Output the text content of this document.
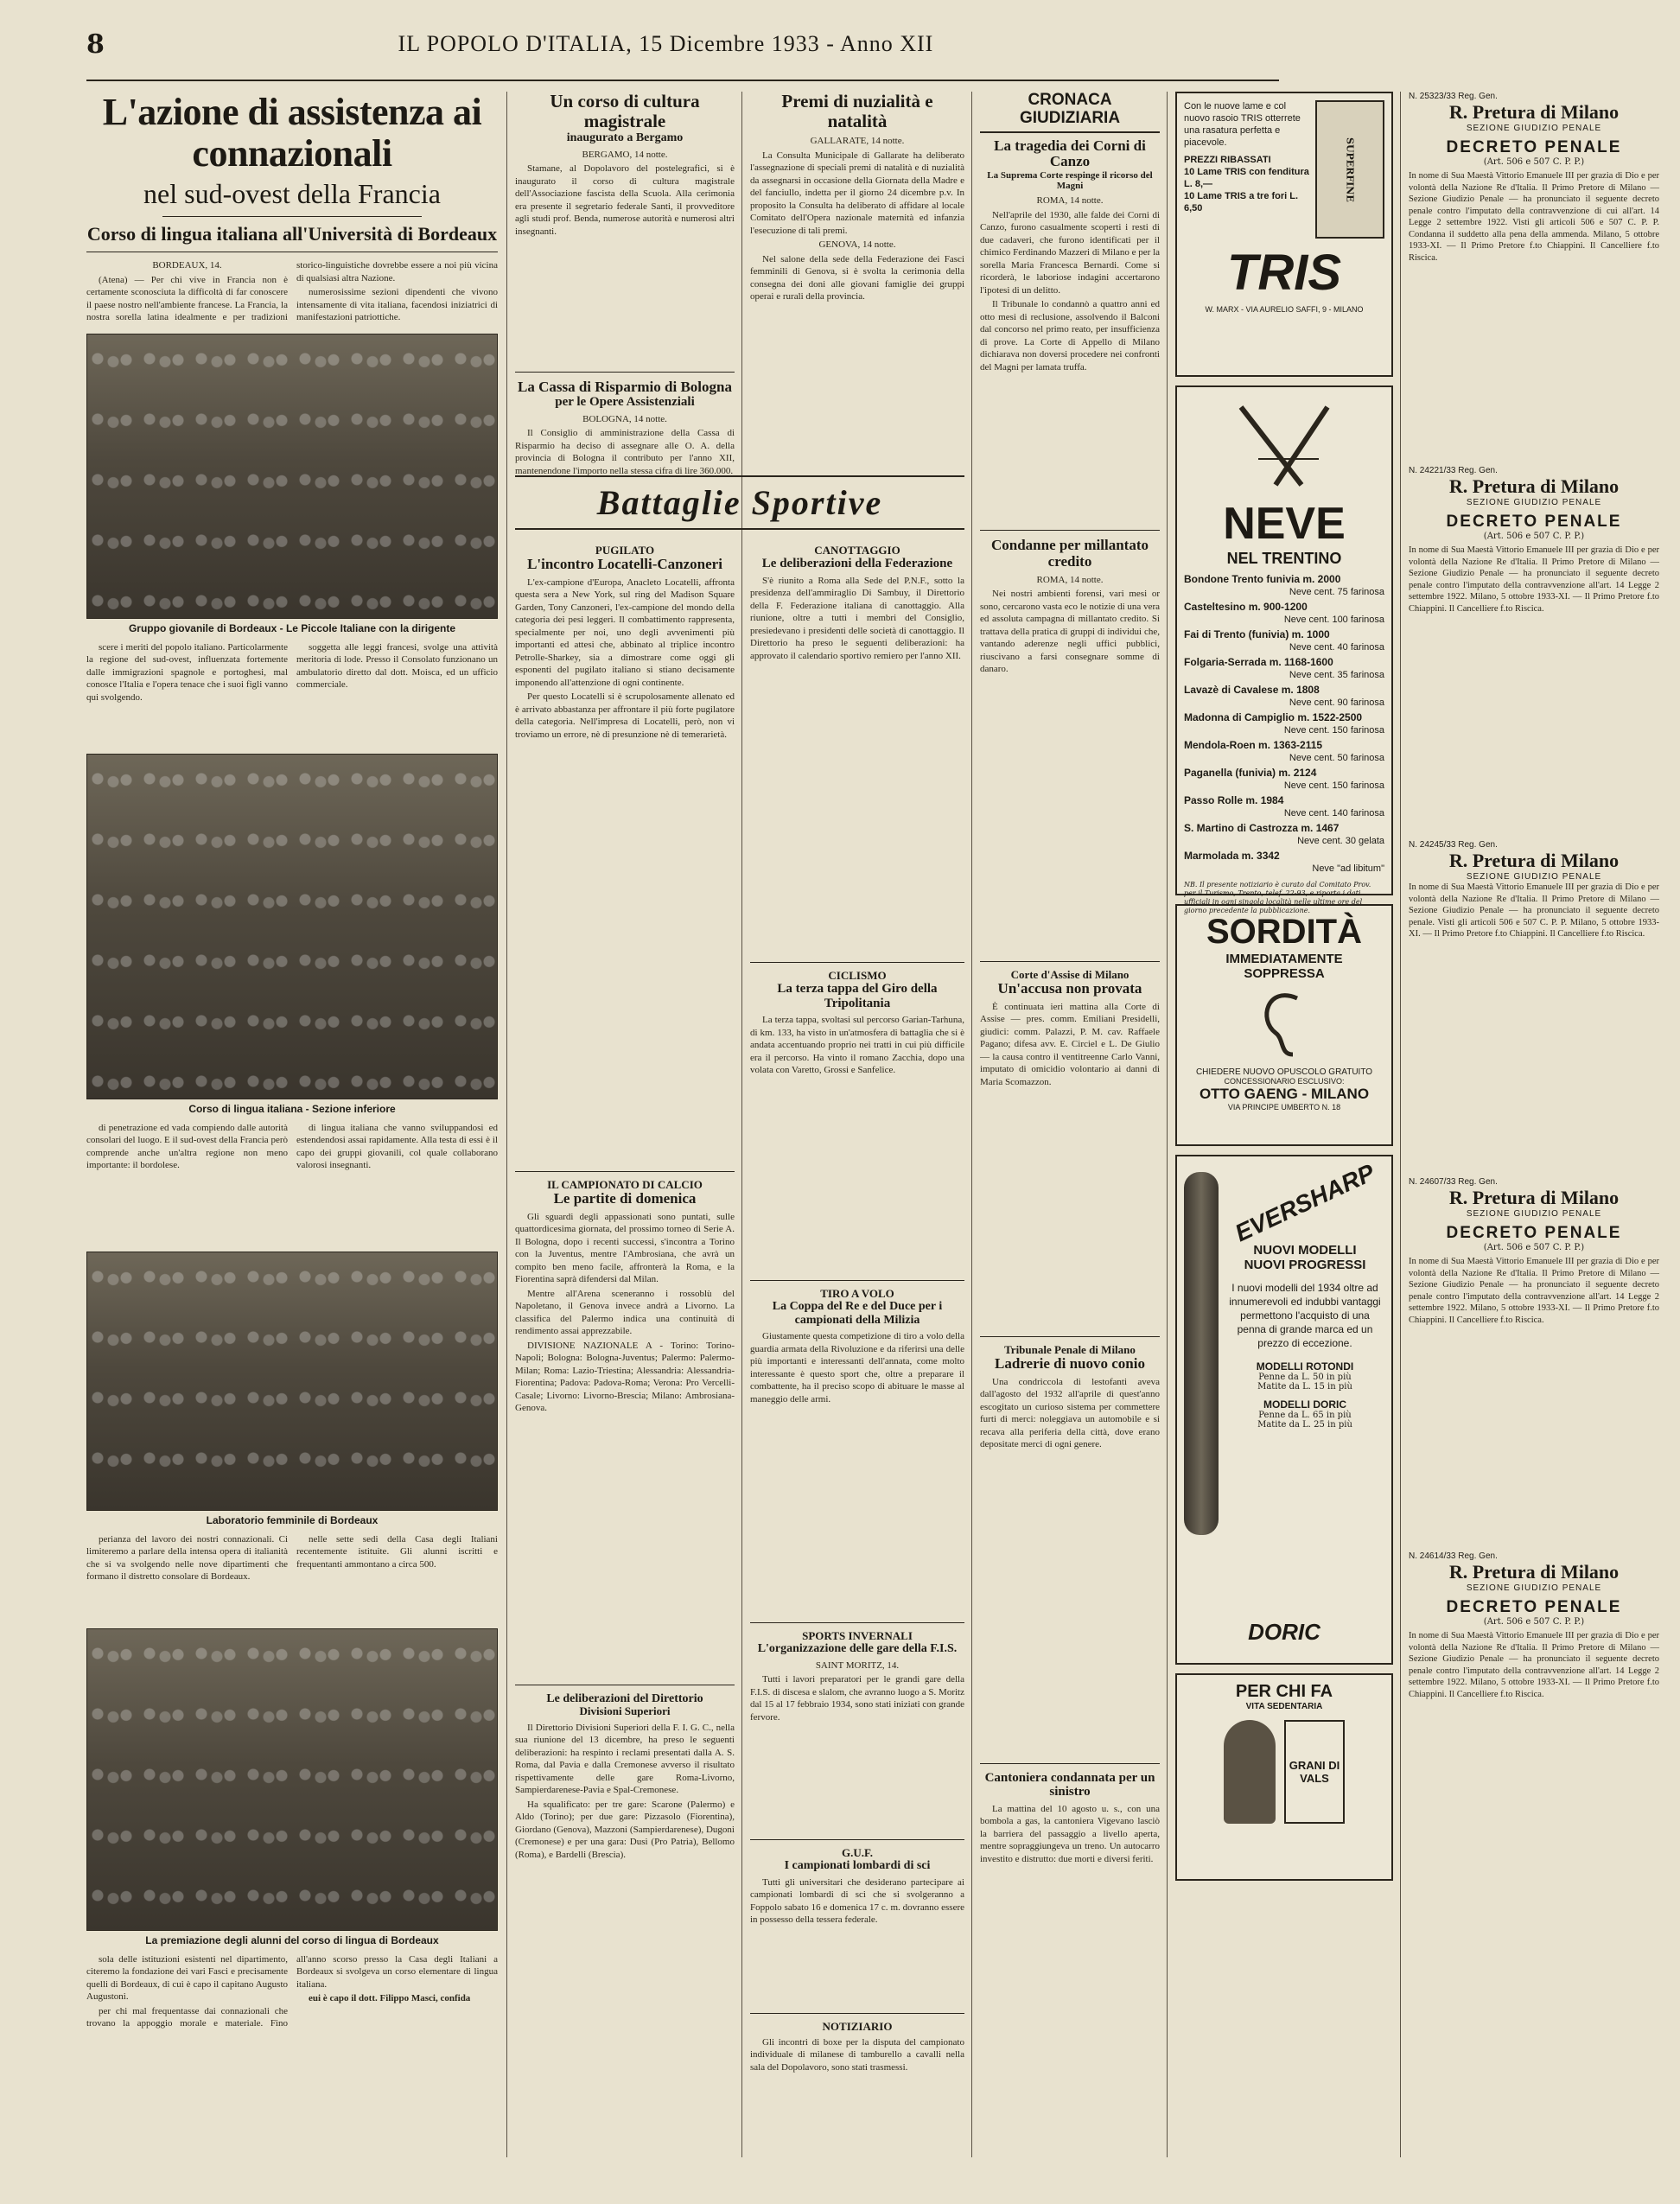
8	IL POPOLO D'ITALIA, 15 Dicembre 1933 - Anno XII
L'azione di assistenza ai connazionali
nel sud-ovest della Francia
Corso di lingua italiana all'Università di Bordeaux

BORDEAUX, 14.

(Atena) — Per chi vive in Francia non è certamente sconosciuta la difficoltà di far conoscere il paese nostro nell'ambiente francese. La Francia, la nostra sorella latina idealmente e per tradizioni storico-linguistiche dovrebbe essere a noi più vicina di qualsiasi altra Nazione.

numerosissime sezioni dipendenti che vivono intensamente di vita italiana, facendosi iniziatrici di manifestazioni patriottiche.

Gruppo giovanile di Bordeaux - Le Piccole Italiane con la dirigente

scere i meriti del popolo italiano. Particolarmente la regione del sud-ovest, influenzata fortemente dalle immigrazioni spagnole e portoghesi, mal conosce l'Italia e l'opera tenace che i suoi figli vanno qui svolgendo.

soggetta alle leggi francesi, svolge una attività meritoria di lode. Presso il Consolato funzionano un ambulatorio diretto dal dott. Moisca, ed un ufficio commerciale.

Corso di lingua italiana - Sezione inferiore

di penetrazione ed vada compiendo dalle autorità consolari del luogo. E il sud-ovest della Francia però comprende anche un'altra regione non meno importante: il bordolese.

di lingua italiana che vanno sviluppandosi ed estendendosi assai rapidamente. Alla testa di essi è il capo dei gruppi giovanili, col quale collaborano valorosi insegnanti.

Laboratorio femminile di Bordeaux

perianza del lavoro dei nostri connazionali. Ci limiteremo a parlare della intensa opera di italianità che si va svolgendo nelle nove dipartimenti che formano il distretto consolare di Bordeaux.

nelle sette sedi della Casa degli Italiani recentemente istituite. Gli alunni iscritti e frequentanti ammontano a circa 500.

La premiazione degli alunni del corso di lingua di Bordeaux

sola delle istituzioni esistenti nel dipartimento, citeremo la fondazione dei vari Fasci e precisamente quelli di Bordeaux, di cui è capo il capitano Augusto Augustoni.

per chi mal frequentasse dai connazionali che trovano la appoggio morale e materiale. Fino all'anno scorso presso la Casa degli Italiani a Bordeaux si svolgeva un corso elementare di lingua italiana.

eui è capo il dott. Filippo Masci, confida

Un corso di cultura magistrale
inaugurato a Bergamo

BERGAMO, 14 notte.

Stamane, al Dopolavoro del postelegrafici, si è inaugurato il corso di cultura magistrale dell'Associazione fascista della Scuola. Alla cerimonia era presente il segretario federale Santi, il provveditore agli studi prof. Benda, numerose autorità e numerosi altri insegnanti.

La Cassa di Risparmio di Bologna
per le Opere Assistenziali

BOLOGNA, 14 notte.

Il Consiglio di amministrazione della Cassa di Risparmio ha deciso di assegnare alle O. A. della provincia di Bologna il contributo per l'anno XII, mantenendone l'importo nella stessa cifra di lire 360.000.

Battaglie Sportive
PUGILATO
L'incontro Locatelli-Canzoneri

L'ex-campione d'Europa, Anacleto Locatelli, affronta questa sera a New York, sul ring del Madison Square Garden, Tony Canzoneri, l'ex-campione del mondo della categoria dei pesi leggeri. Il combattimento rappresenta, specialmente per noi, uno degli avvenimenti più importanti ed attesi che, abbinato al triplice incontro Petrolle-Sharkey, sia a dimostrare come oggi gli esponenti del pugilato italiano si stiano decisamente imponendo all'attenzione di ogni continente.

Per questo Locatelli si è scrupolosamente allenato ed è arrivato abbastanza per affrontare il più forte pugilatore della categoria. Nell'impresa di Locatelli, però, non vi troviamo un errore, nè di presunzione nè di temerarietà.

IL CAMPIONATO DI CALCIO
Le partite di domenica

Gli sguardi degli appassionati sono puntati, sulle quattordicesima giornata, del prossimo torneo di Serie A. Il Bologna, dopo i recenti successi, s'incontra a Torino con la Juventus, mentre l'Ambrosiana, che avrà un compito ben meno facile, affronterà la Roma, e la Fiorentina saprà difendersi dal Milan.

Mentre all'Arena sceneranno i rossoblù del Napoletano, il Genova invece andrà a Livorno. La classifica del Palermo indica una continuità di rendimento assai apprezzabile.

DIVISIONE NAZIONALE A - Torino: Torino-Napoli; Bologna: Bologna-Juventus; Palermo: Palermo-Milan; Roma: Lazio-Triestina; Alessandria: Alessandria-Fiorentina; Padova: Padova-Roma; Verona: Pro Vercelli-Casale; Livorno: Livorno-Brescia; Milano: Ambrosiana-Genova.

Le deliberazioni del Direttorio
Divisioni Superiori

Il Direttorio Divisioni Superiori della F. I. G. C., nella sua riunione del 13 dicembre, ha preso le seguenti deliberazioni: ha respinto i reclami presentati dalla A. S. Roma, dal Pavia e dalla Cremonese avverso il risultato rispettivamente delle gare Roma-Livorno, Sampierdarenese-Pavia e Spal-Cremonese.

Ha squalificato: per tre gare: Scarone (Palermo) e Aldo (Torino); per due gare: Pizzasolo (Fiorentina), Giordano (Genova), Mazzoni (Sampierdarenese), Dugoni (Cremonese) e per una gara: Dusi (Pro Patria), Bellomo (Roma), e Bardelli (Brescia).

Premi di nuzialità e natalità

GALLARATE, 14 notte.

La Consulta Municipale di Gallarate ha deliberato l'assegnazione di speciali premi di natalità e di nuzialità da assegnarsi in occasione della Giornata della Madre e del fanciullo, indetta per il giorno 24 dicembre p.v. In proposito la Consulta ha deliberato di affidare al locale Comitato dell'Opera nazionale maternità ed infanzia l'esecuzione di tali premi.

GENOVA, 14 notte.

Nel salone della sede della Federazione dei Fasci femminili di Genova, si è svolta la cerimonia della consegna dei doni alle giovani famiglie dei gruppi operai e rurali della provincia.

CANOTTAGGIO
Le deliberazioni della Federazione

S'è riunito a Roma alla Sede del P.N.F., sotto la presidenza dell'ammiraglio Di Sambuy, il Direttorio della F. Federazione italiana di canottaggio. Alla riunione, oltre a tutti i membri del Consiglio, presiedevano i presidenti delle società di canottaggio. Il Direttorio ha preso le seguenti deliberazioni: ha approvato il calendario sportivo remiero per l'anno XII.

CICLISMO
La terza tappa del Giro della Tripolitania

La terza tappa, svoltasi sul percorso Garian-Tarhuna, di km. 133, ha visto in un'atmosfera di battaglia che si è andata accentuando proprio nei tratti in cui più difficile era il percorso. Ha vinto il romano Zacchia, dopo una volata con Varetto, Grossi e Sanfelice.

TIRO A VOLO
La Coppa del Re e del Duce per i campionati della Milizia

Giustamente questa competizione di tiro a volo della guardia armata della Rivoluzione e da riferirsi una delle più importanti e interessanti dell'annata, come molto interessante è questo sport che, oltre a preparare il combattente, ha il preciso scopo di abituare le masse al maneggio delle armi.

SPORTS INVERNALI
L'organizzazione delle gare della F.I.S.

SAINT MORITZ, 14.

Tutti i lavori preparatori per le grandi gare della F.I.S. di discesa e slalom, che avranno luogo a S. Moritz dal 15 al 17 febbraio 1934, sono stati iniziati con grande fervore.

G.U.F.
I campionati lombardi di sci

Tutti gli universitari che desiderano partecipare ai campionati lombardi di sci che si svolgeranno a Foppolo sabato 16 e domenica 17 c. m. dovranno essere in possesso della tessera federale.

NOTIZIARIO

Gli incontri di boxe per la disputa del campionato individuale di milanese di tamburello a cavalli nella sala del Dopolavoro, sono stati trasmessi.

CRONACA GIUDIZIARIA
La tragedia dei Corni di Canzo
La Suprema Corte respinge il ricorso del Magni

ROMA, 14 notte.

Nell'aprile del 1930, alle falde dei Corni di Canzo, furono casualmente scoperti i resti di due cadaveri, che furono identificati per il chimico Ferdinando Mazzeri di Milano e per la sorella Maria Francesca Bernardi. Come si ricorderà, le laboriose indagini accertarono l'ipotesi di un delitto.

Il Tribunale lo condannò a quattro anni ed otto mesi di reclusione, assolvendo il Balconi dal concorso nel primo reato, per insufficienza di prove. La Corte di Appello di Milano dichiarava non doversi procedere nei confronti del Magni per lamata truffa.

Condanne per millantato credito

ROMA, 14 notte.

Nei nostri ambienti forensi, vari mesi or sono, cercarono vasta eco le notizie di una vera ed assoluta campagna di millantato credito. Si trattava della pratica di gruppi di individui che, vantando aderenze negli uffici pubblici, riuscivano a farsi consegnare somme di danaro.

Corte d'Assise di Milano
Un'accusa non provata

È continuata ieri mattina alla Corte di Assise — pres. comm. Emiliani Presidelli, giudici: comm. Palazzi, P. M. cav. Raffaele Pagano; difesa avv. E. Circiel e L. De Giulio — la causa contro il ventitreenne Carlo Vanni, imputato di omicidio volontario ai danni di Maria Scomazzon.

Tribunale Penale di Milano
Ladrerie di nuovo conio

Una condriccola di lestofanti aveva dall'agosto del 1932 all'aprile di quest'anno escogitato un curioso sistema per commettere furti di merci: noleggiava un automobile e si recava alla periferia della città, dove erano depositate merci di ogni genere.

Cantoniera condannata per un sinistro

La mattina del 10 agosto u. s., con una bombola a gas, la cantoniera Vigevano lasciò la barriera del passaggio a livello aperta, mentre sopraggiungeva un treno. Un autocarro investito e distrutto: due morti e diversi feriti.

Con le nuove lame e col nuovo rasoio TRIS otterrete una rasatura perfetta e piacevole.

PREZZI RIBASSATI

10 Lame TRIS con fenditura L. 8,—

10 Lame TRIS a tre fori L. 6,50

SUPERFINE
TRIS
W. MARX - VIA AURELIO SAFFI, 9 - MILANO
NEVE
NEL TRENTINO
Bondone Trento funivia m. 2000
Neve cent. 75 farinosa
Casteltesino m. 900-1200
Neve cent. 100 farinosa
Fai di Trento (funivia) m. 1000
Neve cent. 40 farinosa
Folgaria-Serrada m. 1168-1600
Neve cent. 35 farinosa
Lavazè di Cavalese m. 1808
Neve cent. 90 farinosa
Madonna di Campiglio m. 1522-2500
Neve cent. 150 farinosa
Mendola-Roen m. 1363-2115
Neve cent. 50 farinosa
Paganella (funivia) m. 2124
Neve cent. 150 farinosa
Passo Rolle m. 1984
Neve cent. 140 farinosa
S. Martino di Castrozza m. 1467
Neve cent. 30 gelata
Marmolada m. 3342
Neve "ad libitum"
NB. Il presente notiziario è curato dal Comitato Prov. per il Turismo, Trento, telef. 22-93, e riporta i dati ufficiali in ogni singola località nelle ultime ore del giorno precedente la pubblicazione.
SORDITÀ
IMMEDIATAMENTE SOPPRESSA
CHIEDERE NUOVO OPUSCOLO GRATUITO
CONCESSIONARIO ESCLUSIVO:
OTTO GAENG - MILANO
VIA PRINCIPE UMBERTO N. 18
EVERSHARP
NUOVI MODELLI
NUOVI PROGRESSI
I nuovi modelli del 1934 oltre ad innumerevoli ed indubbi vantaggi permettono l'acquisto di una penna di grande marca ed un prezzo di eccezione.
MODELLI ROTONDI
Penne da L. 50 in più
Matite da L. 15 in più
MODELLI DORIC
Penne da L. 65 in più
Matite da L. 25 in più
DORIC
PER CHI FA
VITA SEDENTARIA
GRANI DI VALS
N. 25323/33 Reg. Gen.
R. Pretura di Milano
SEZIONE GIUDIZIO PENALE
DECRETO PENALE
(Art. 506 e 507 C. P. P.)
In nome di Sua Maestà Vittorio Emanuele III per grazia di Dio e per volontà della Nazione Re d'Italia. Il Primo Pretore di Milano — Sezione Giudizio Penale — ha pronunciato il seguente decreto penale contro l'imputato della contravvenzione di cui all'art. 14 Legge 2 settembre 1922. Visti gli articoli 506 e 507 C. P. P. Condanna il suddetto alla pena della ammenda. Milano, 5 ottobre 1933-XI. — Il Primo Pretore f.to Chiappini. Il Cancelliere f.to Riscica.
N. 24221/33 Reg. Gen.
R. Pretura di Milano
SEZIONE GIUDIZIO PENALE
DECRETO PENALE
(Art. 506 e 507 C. P. P.)
In nome di Sua Maestà Vittorio Emanuele III per grazia di Dio e per volontà della Nazione Re d'Italia. Il Primo Pretore di Milano — Sezione Giudizio Penale — ha pronunciato il seguente decreto penale contro l'imputato della contravvenzione all'art. 14 Legge 2 settembre 1922. Milano, 5 ottobre 1933-XI. — Il Primo Pretore f.to Chiappini. Il Cancelliere f.to Riscica.
N. 24245/33 Reg. Gen.
R. Pretura di Milano
SEZIONE GIUDIZIO PENALE
In nome di Sua Maestà Vittorio Emanuele III per grazia di Dio e per volontà della Nazione Re d'Italia. Il Primo Pretore di Milano — Sezione Giudizio Penale — ha pronunciato il seguente decreto penale. Visti gli articoli 506 e 507 C. P. P. Milano, 5 ottobre 1933-XI. — Il Primo Pretore f.to Chiappini. Il Cancelliere f.to Riscica.
N. 24607/33 Reg. Gen.
R. Pretura di Milano
SEZIONE GIUDIZIO PENALE
DECRETO PENALE
(Art. 506 e 507 C. P. P.)
In nome di Sua Maestà Vittorio Emanuele III per grazia di Dio e per volontà della Nazione Re d'Italia. Il Primo Pretore di Milano — Sezione Giudizio Penale — ha pronunciato il seguente decreto penale contro l'imputato della contravvenzione all'art. 14 Legge 2 settembre 1922. Milano, 5 ottobre 1933-XI. — Il Primo Pretore f.to Chiappini. Il Cancelliere f.to Riscica.
N. 24614/33 Reg. Gen.
R. Pretura di Milano
SEZIONE GIUDIZIO PENALE
DECRETO PENALE
(Art. 506 e 507 C. P. P.)
In nome di Sua Maestà Vittorio Emanuele III per grazia di Dio e per volontà della Nazione Re d'Italia. Il Primo Pretore di Milano — Sezione Giudizio Penale — ha pronunciato il seguente decreto penale contro l'imputato della contravvenzione all'art. 14 Legge 2 settembre 1922. Milano, 5 ottobre 1933-XI. — Il Primo Pretore f.to Chiappini. Il Cancelliere f.to Riscica.
